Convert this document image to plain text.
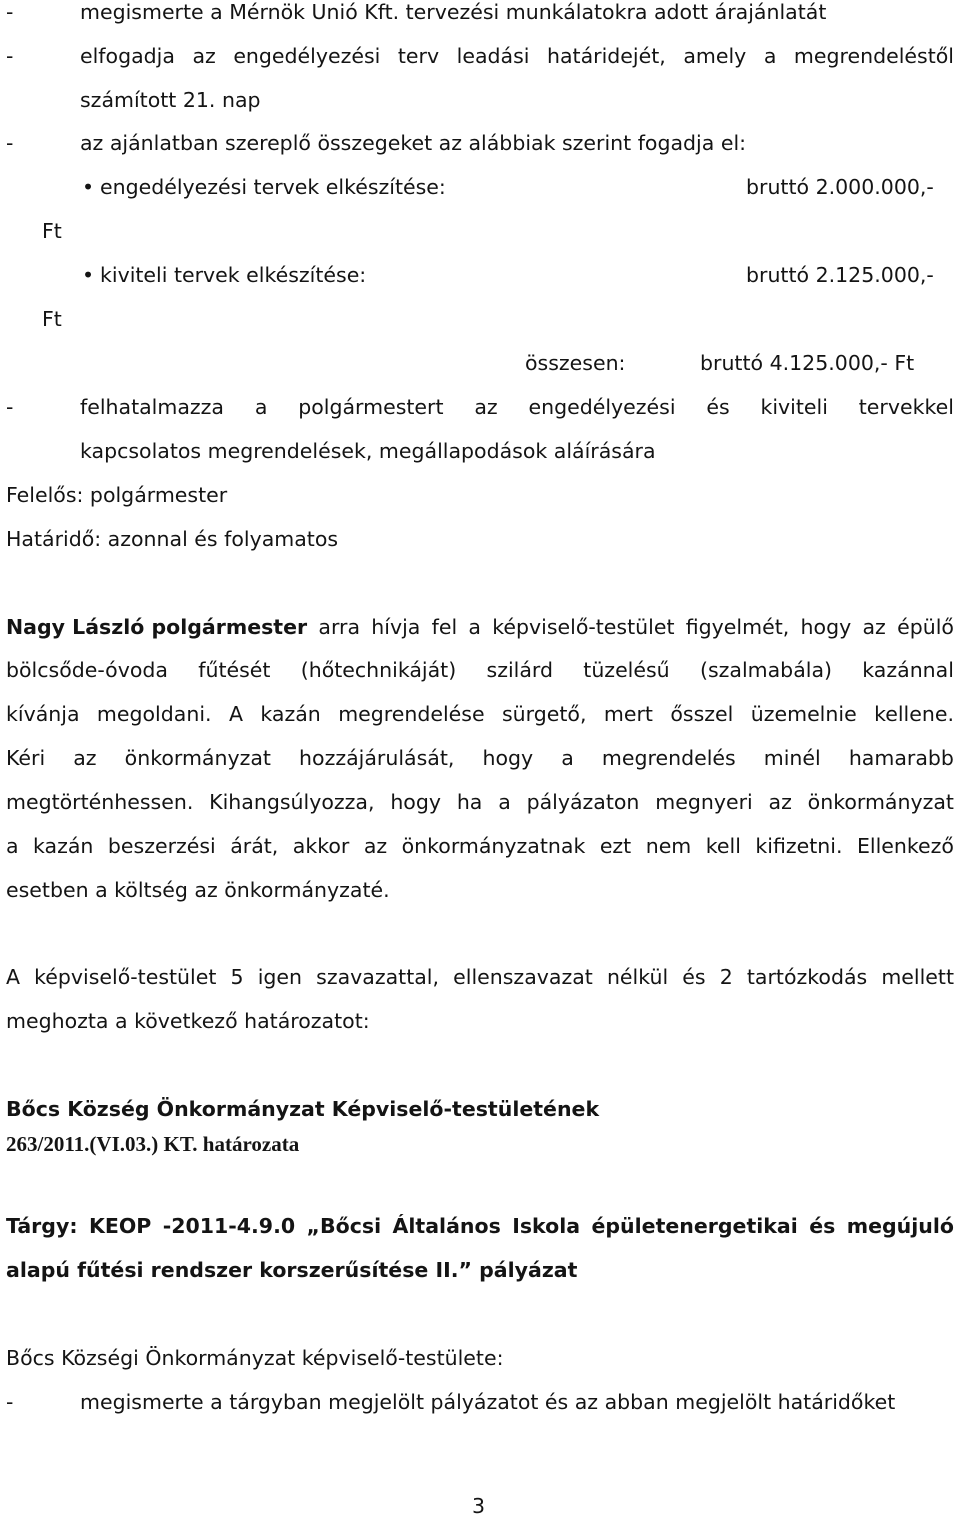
-	megismerte a Mérnök Unió Kft. tervezési munkálatokra adott árajánlatát
-	elfogadja az engedélyezési terv leadási határidejét, amely a megrendeléstől
számított 21. nap
-	az ajánlatban szereplő összegeket az alábbiak szerint fogadja el:
• engedélyezési tervek elkészítése:	bruttó 2.000.000,-
Ft
• kiviteli tervek elkészítése:	bruttó 2.125.000,-
Ft
összesen:	bruttó 4.125.000,- Ft
-	felhatalmazza a polgármestert az engedélyezési és kiviteli tervekkel
kapcsolatos megrendelések, megállapodások aláírására
Felelős: polgármester
Határidő: azonnal és folyamatos
Nagy László polgármester arra hívja fel a képviselő-testület figyelmét, hogy az épülő
bölcsőde-óvoda fűtését (hőtechnikáját) szilárd tüzelésű (szalmabála) kazánnal
kívánja megoldani. A kazán megrendelése sürgető, mert ősszel üzemelnie kellene.
Kéri az önkormányzat hozzájárulását, hogy a megrendelés minél hamarabb
megtörténhessen. Kihangsúlyozza, hogy ha a pályázaton megnyeri az önkormányzat
a kazán beszerzési árát, akkor az önkormányzatnak ezt nem kell kifizetni. Ellenkező
esetben a költség az önkormányzaté.
A képviselő-testület 5 igen szavazattal, ellenszavazat nélkül és 2 tartózkodás mellett
meghozta a következő határozatot:
Bőcs Község Önkormányzat Képviselő-testületének
263/2011.(VI.03.) KT. határozata
Tárgy: KEOP -2011-4.9.0 „Bőcsi Általános Iskola épületenergetikai és megújuló
alapú fűtési rendszer korszerűsítése II.” pályázat
Bőcs Községi Önkormányzat képviselő-testülete:
-	megismerte a tárgyban megjelölt pályázatot és az abban megjelölt határidőket
3
